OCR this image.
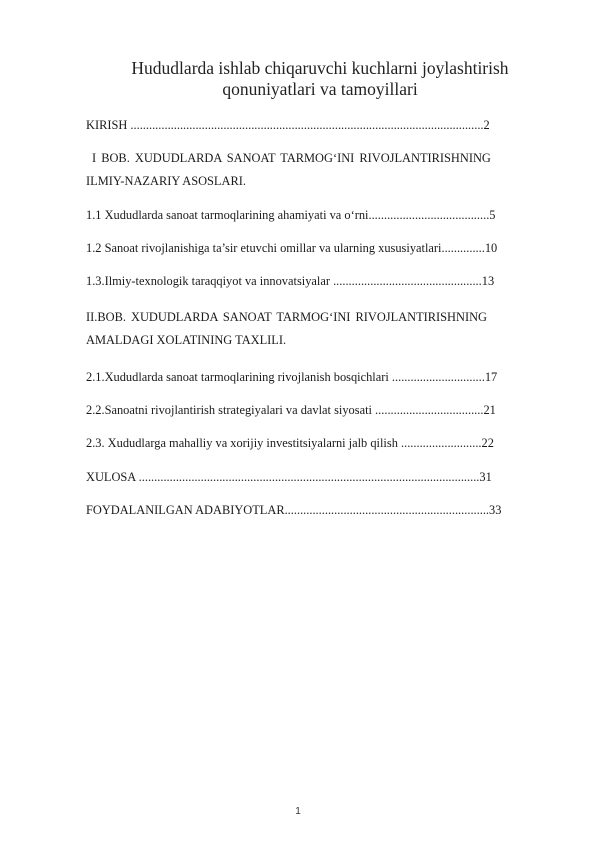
Hududlarda ishlab chiqaruvchi kuchlarni joylashtirish
qonuniyatlari va tamoyillari
KIRISH ..................................................................................................................2
I BOB. XUDUDLARDA SANOAT TARMOG‘INI RIVOJLANTIRISHNING
ILMIY-NAZARIY ASOSLARI.
1.1 Xududlarda sanoat tarmoqlarining ahamiyati va o‘rni.......................................5
1.2 Sanoat rivojlanishiga ta’sir etuvchi omillar va ularning xususiyatlari..............10
1.3.Ilmiy-texnologik taraqqiyot va innovatsiyalar ................................................13
II.BOB. XUDUDLARDA SANOAT TARMOG‘INI RIVOJLANTIRISHNING
AMALDAGI XOLATINING TAXLILI.
2.1.Xududlarda sanoat tarmoqlarining rivojlanish bosqichlari ..............................17
2.2.Sanoatni rivojlantirish strategiyalari va davlat siyosati ...................................21
2.3. Xududlarga mahalliy va xorijiy investitsiyalarni jalb qilish ..........................22
XULOSA ..............................................................................................................31
FOYDALANILGAN ADABIYOTLAR..................................................................33
1
